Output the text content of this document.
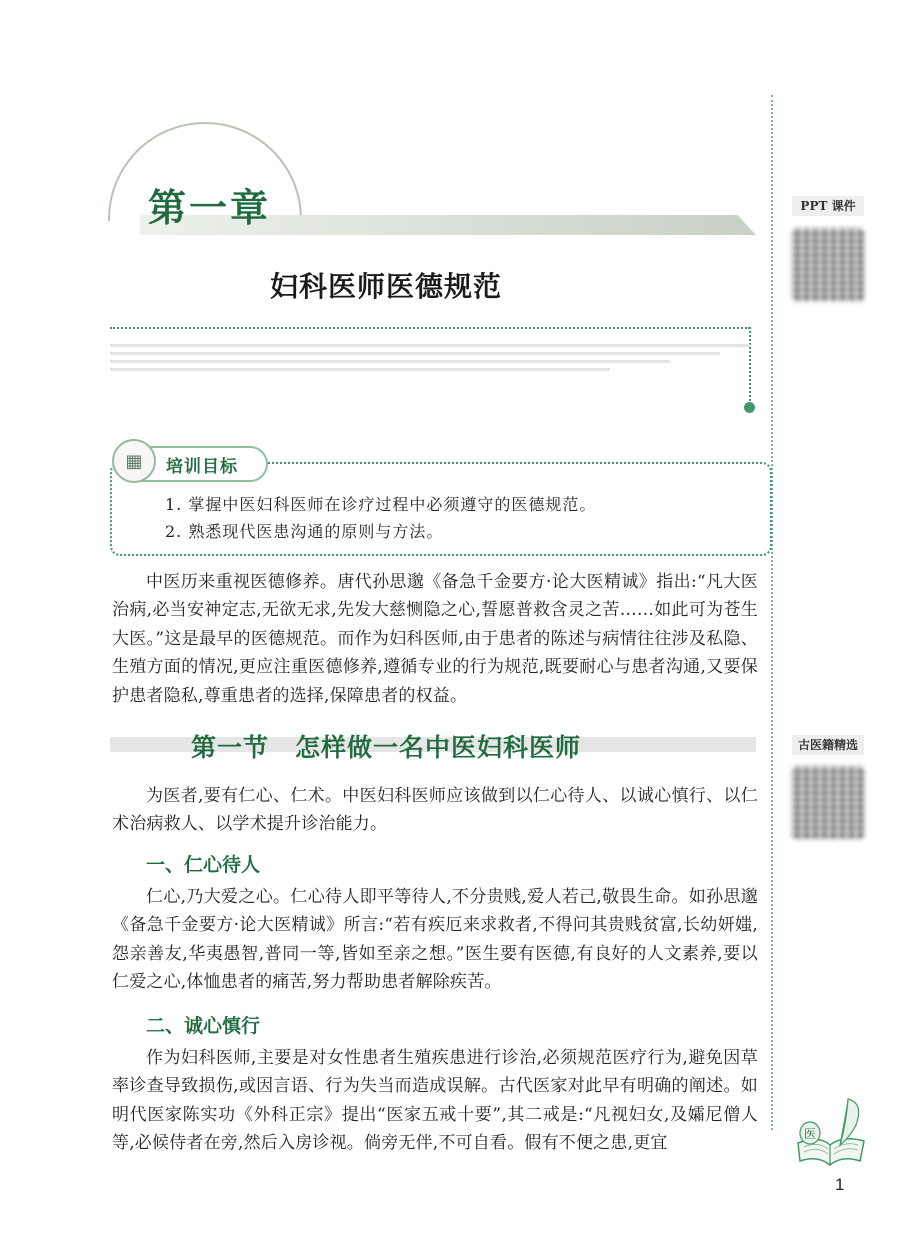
第一章
妇科医师医德规范
▦	培训目标
1. 掌握中医妇科医师在诊疗过程中必须遵守的医德规范。
2. 熟悉现代医患沟通的原则与方法。
中医历来重视医德修养。唐代孙思邈《备急千金要方·论大医精诚》指出:“凡大医治病,必当安神定志,无欲无求,先发大慈恻隐之心,誓愿普救含灵之苦……如此可为苍生大医。”这是最早的医德规范。而作为妇科医师,由于患者的陈述与病情往往涉及私隐、生殖方面的情况,更应注重医德修养,遵循专业的行为规范,既要耐心与患者沟通,又要保护患者隐私,尊重患者的选择,保障患者的权益。
第一节　怎样做一名中医妇科医师
为医者,要有仁心、仁术。中医妇科医师应该做到以仁心待人、以诚心慎行、以仁术治病救人、以学术提升诊治能力。
一、仁心待人
仁心,乃大爱之心。仁心待人即平等待人,不分贵贱,爱人若己,敬畏生命。如孙思邈《备急千金要方·论大医精诚》所言:“若有疾厄来求救者,不得问其贵贱贫富,长幼妍媸,怨亲善友,华夷愚智,普同一等,皆如至亲之想。”医生要有医德,有良好的人文素养,要以仁爱之心,体恤患者的痛苦,努力帮助患者解除疾苦。
二、诚心慎行
作为妇科医师,主要是对女性患者生殖疾患进行诊治,必须规范医疗行为,避免因草率诊查导致损伤,或因言语、行为失当而造成误解。古代医家对此早有明确的阐述。如明代医家陈实功《外科正宗》提出“医家五戒十要”,其二戒是:“凡视妇女,及孀尼僧人等,必候侍者在旁,然后入房诊视。倘旁无伴,不可自看。假有不便之患,更宜
PPT 课件
古医籍精选
医
1
